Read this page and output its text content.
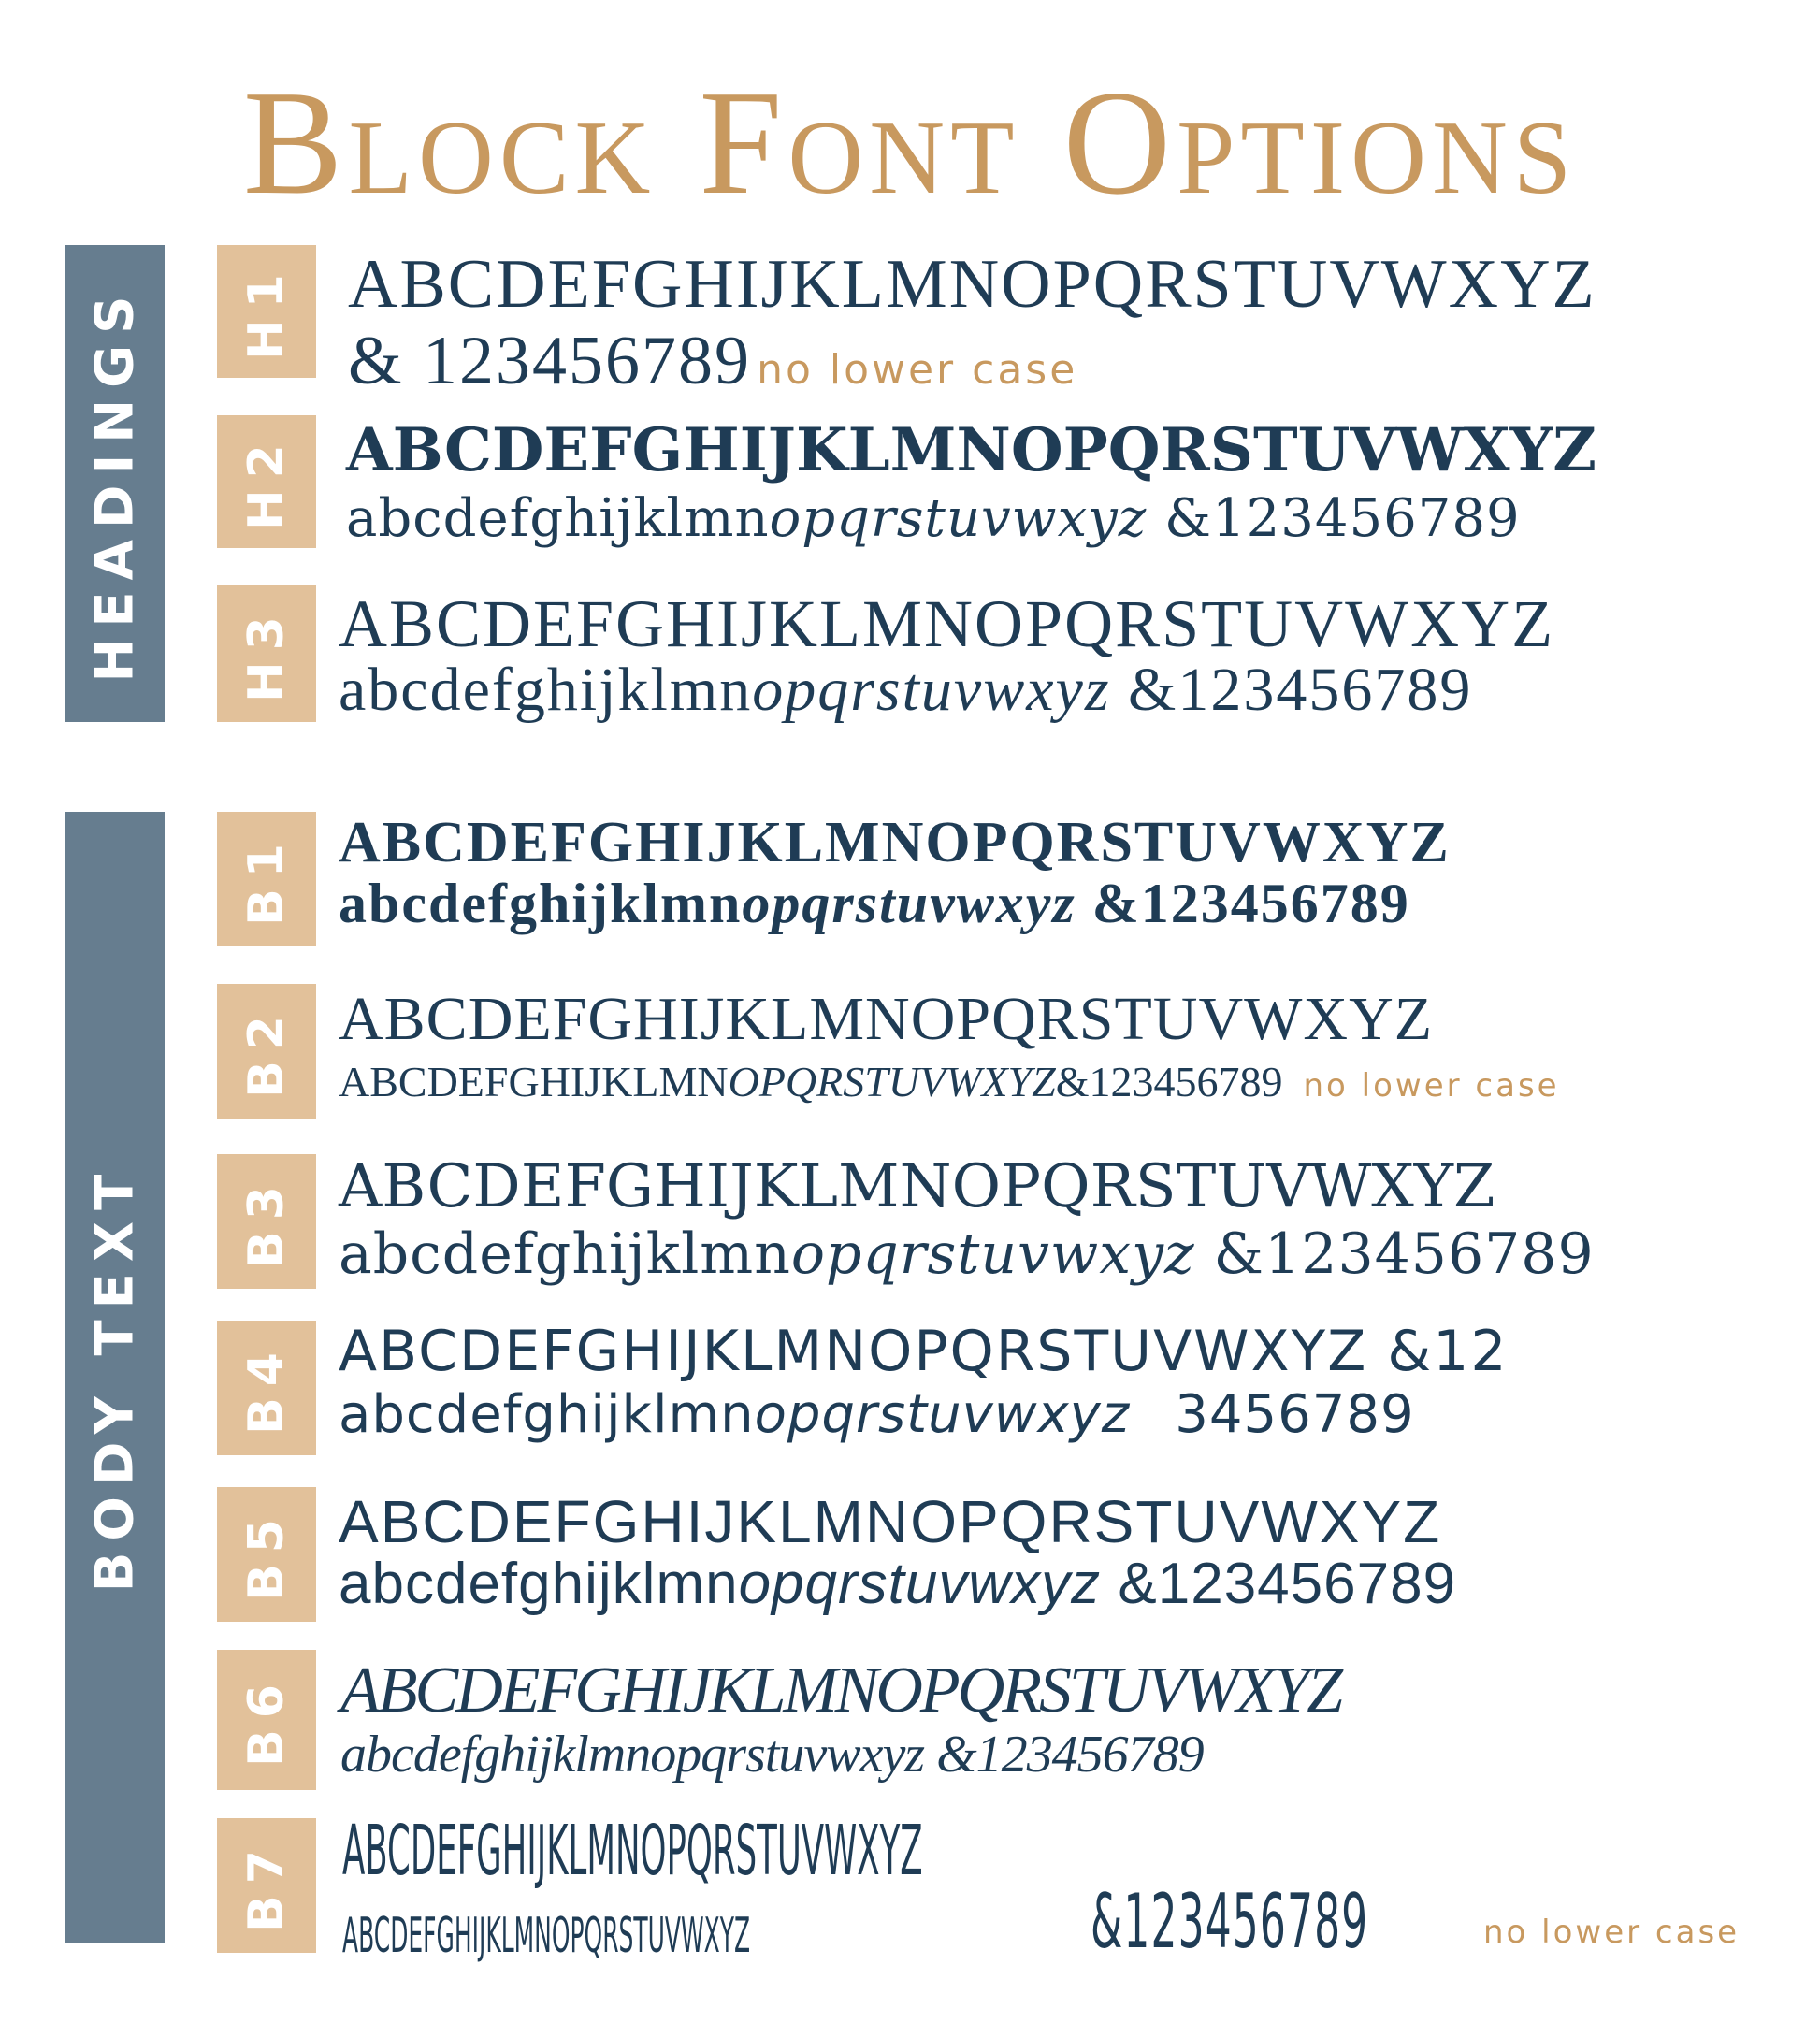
Block Font Options
HEADINGS
BODY TEXT
H1
H2
H3
B1
B2
B3
B4
B5
B6
B7
ABCDEFGHIJKLMNOPQRSTUVWXYZ
& 123456789 no lower case
ABCDEFGHIJKLMNOPQRSTUVWXYZ
abcdefghijklmnopqrstuvwxyz &123456789
ABCDEFGHIJKLMNOPQRSTUVWXYZ
abcdefghijklmnopqrstuvwxyz &123456789
ABCDEFGHIJKLMNOPQRSTUVWXYZ
abcdefghijklmnopqrstuvwxyz &123456789
ABCDEFGHIJKLMNOPQRSTUVWXYZ
ABCDEFGHIJKLMNOPQRSTUVWXYZ&123456789 no lower case
ABCDEFGHIJKLMNOPQRSTUVWXYZ
abcdefghijklmnopqrstuvwxyz &123456789
ABCDEFGHIJKLMNOPQRSTUVWXYZ &12
abcdefghijklmnopqrstuvwxyz 3456789
ABCDEFGHIJKLMNOPQRSTUVWXYZ
abcdefghijklmnopqrstuvwxyz &123456789
ABCDEFGHIJKLMNOPQRSTUVWXYZ
abcdefghijklmnopqrstuvwxyz &123456789
ABCDEFGHIJKLMNOPQRSTUVWXYZ
ABCDEFGHIJKLMNOPQRSTUVWXYZ	&123456789	no lower case
